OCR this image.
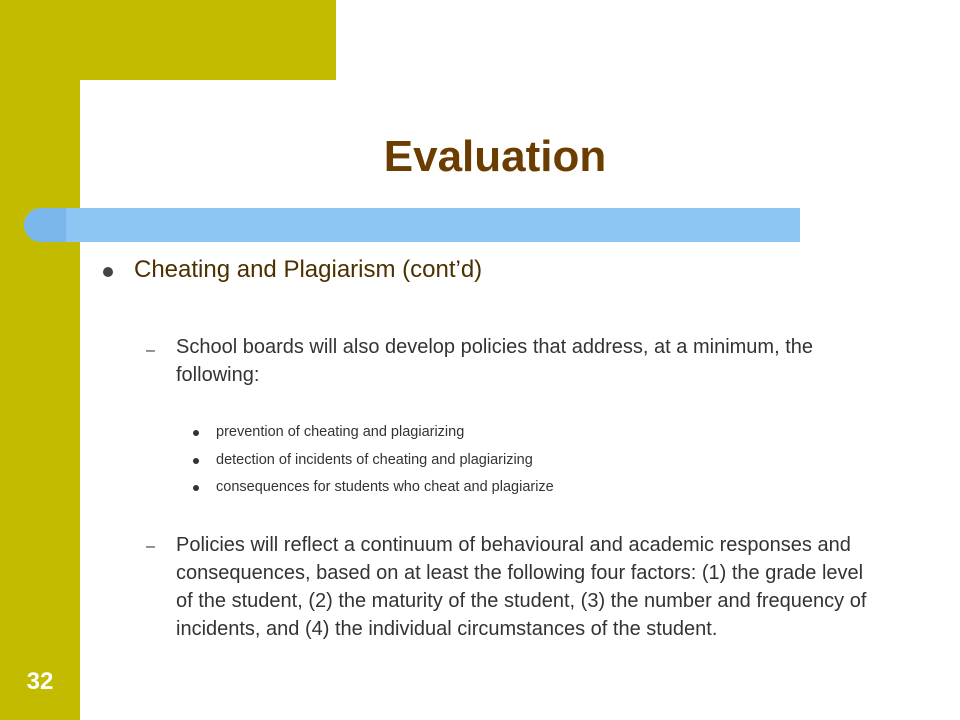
Evaluation
Cheating and Plagiarism (cont’d)
– School boards will also develop policies that address, at a minimum, the following:
prevention of cheating and plagiarizing
detection of incidents of cheating and plagiarizing
consequences for students who cheat and plagiarize
– Policies will reflect a continuum of behavioural and academic responses and consequences, based on at least the following four factors: (1) the grade level of the student, (2) the maturity of the student, (3) the number and frequency of incidents, and (4) the individual circumstances of the student.
32
